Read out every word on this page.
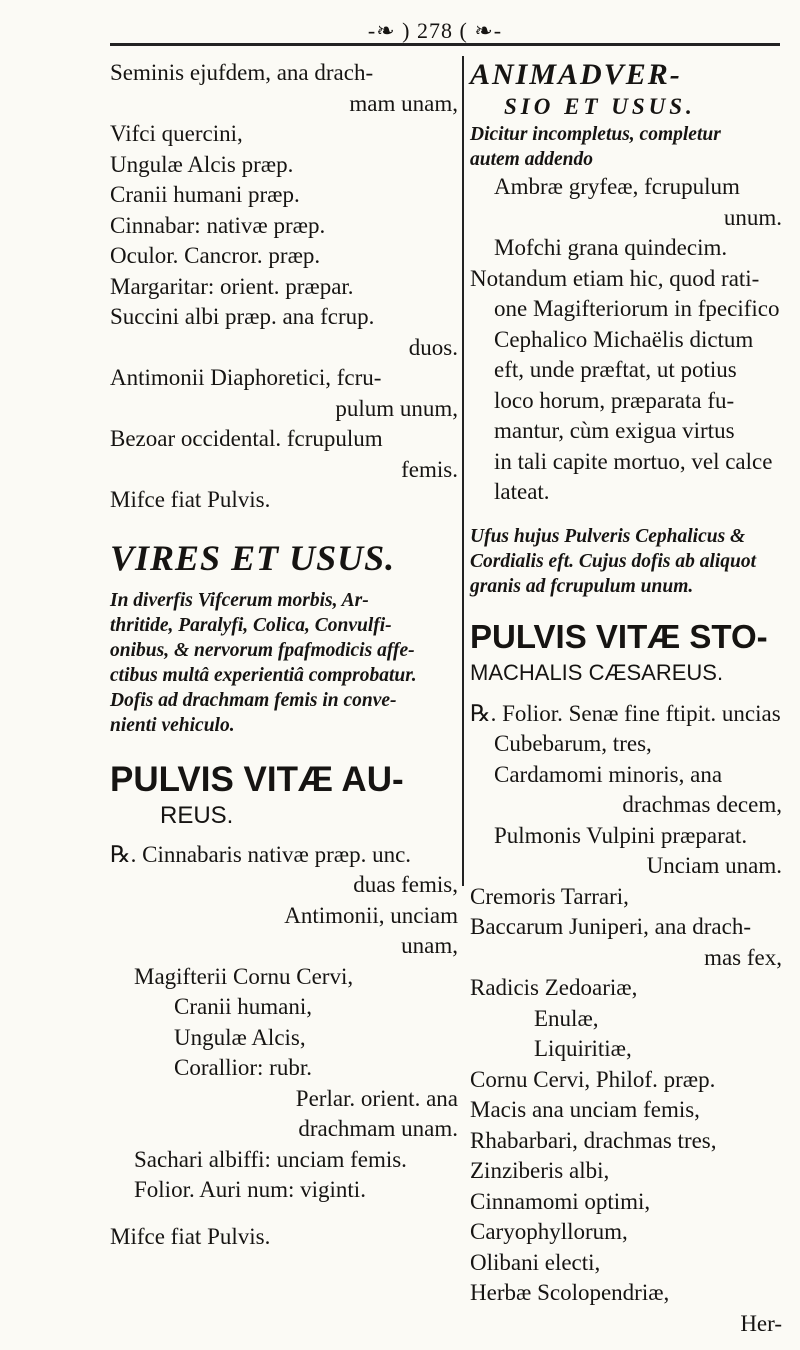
-❧ ) 278 ( ❧-
Seminis ejufdem, ana drach-
mam unam,
Vifci quercini,
Ungulæ Alcis præp.
Cranii humani præp.
Cinnabar: nativæ præp.
Oculor. Cancror. præp.
Margaritar: orient. præpar.
Succini albi præp. ana fcrup.
duos.
Antimonii Diaphoretici, fcru-
pulum unum,
Bezoar occidental. fcrupulum
femis.
Mifce fiat Pulvis.
VIRES ET USUS.
In diverfis Vifcerum morbis, Ar-
thritide, Paralyfi, Colica, Convulfi-
onibus, & nervorum fpafmodicis affe-
ctibus multâ experientiâ comprobatur.
Dofis ad drachmam femis in conve-
nienti vehiculo.
PULVIS VITÆ AU-
REUS.
℞. Cinnabaris nativæ præp. unc.
duas femis,
Antimonii, unciam
unam,
Magifterii Cornu Cervi,
Cranii humani,
Ungulæ Alcis,
Corallior: rubr.
Perlar. orient. ana
drachmam unam.
Sachari albiffi: unciam femis.
Folior. Auri num: viginti.
Mifce fiat Pulvis.
ANIMADVER-
SIO ET USUS.
Dicitur incompletus, completur
autem addendo
Ambræ gryfeæ, fcrupulum
unum.
Mofchi grana quindecim.
Notandum etiam hic, quod rati-
one Magifteriorum in fpecifico
Cephalico Michaëlis dictum
eft, unde præftat, ut potius
loco horum, præparata fu-
mantur, cùm exigua virtus
in tali capite mortuo, vel calce
lateat.
Ufus hujus Pulveris Cephalicus &
Cordialis eft. Cujus dofis ab aliquot
granis ad fcrupulum unum.
PULVIS VITÆ STO-
MACHALIS CÆSAREUS.
℞. Folior. Senæ fine ftipit. uncias
Cubebarum, tres,
Cardamomi minoris, ana
drachmas decem,
Pulmonis Vulpini præparat.
Unciam unam.
Cremoris Tarrari,
Baccarum Juniperi, ana drach-
mas fex,
Radicis Zedoariæ,
Enulæ,
Liquiritiæ,
Cornu Cervi, Philof. præp.
Macis ana unciam femis,
Rhabarbari, drachmas tres,
Zinziberis albi,
Cinnamomi optimi,
Caryophyllorum,
Olibani electi,
Herbæ Scolopendriæ,
Her-
